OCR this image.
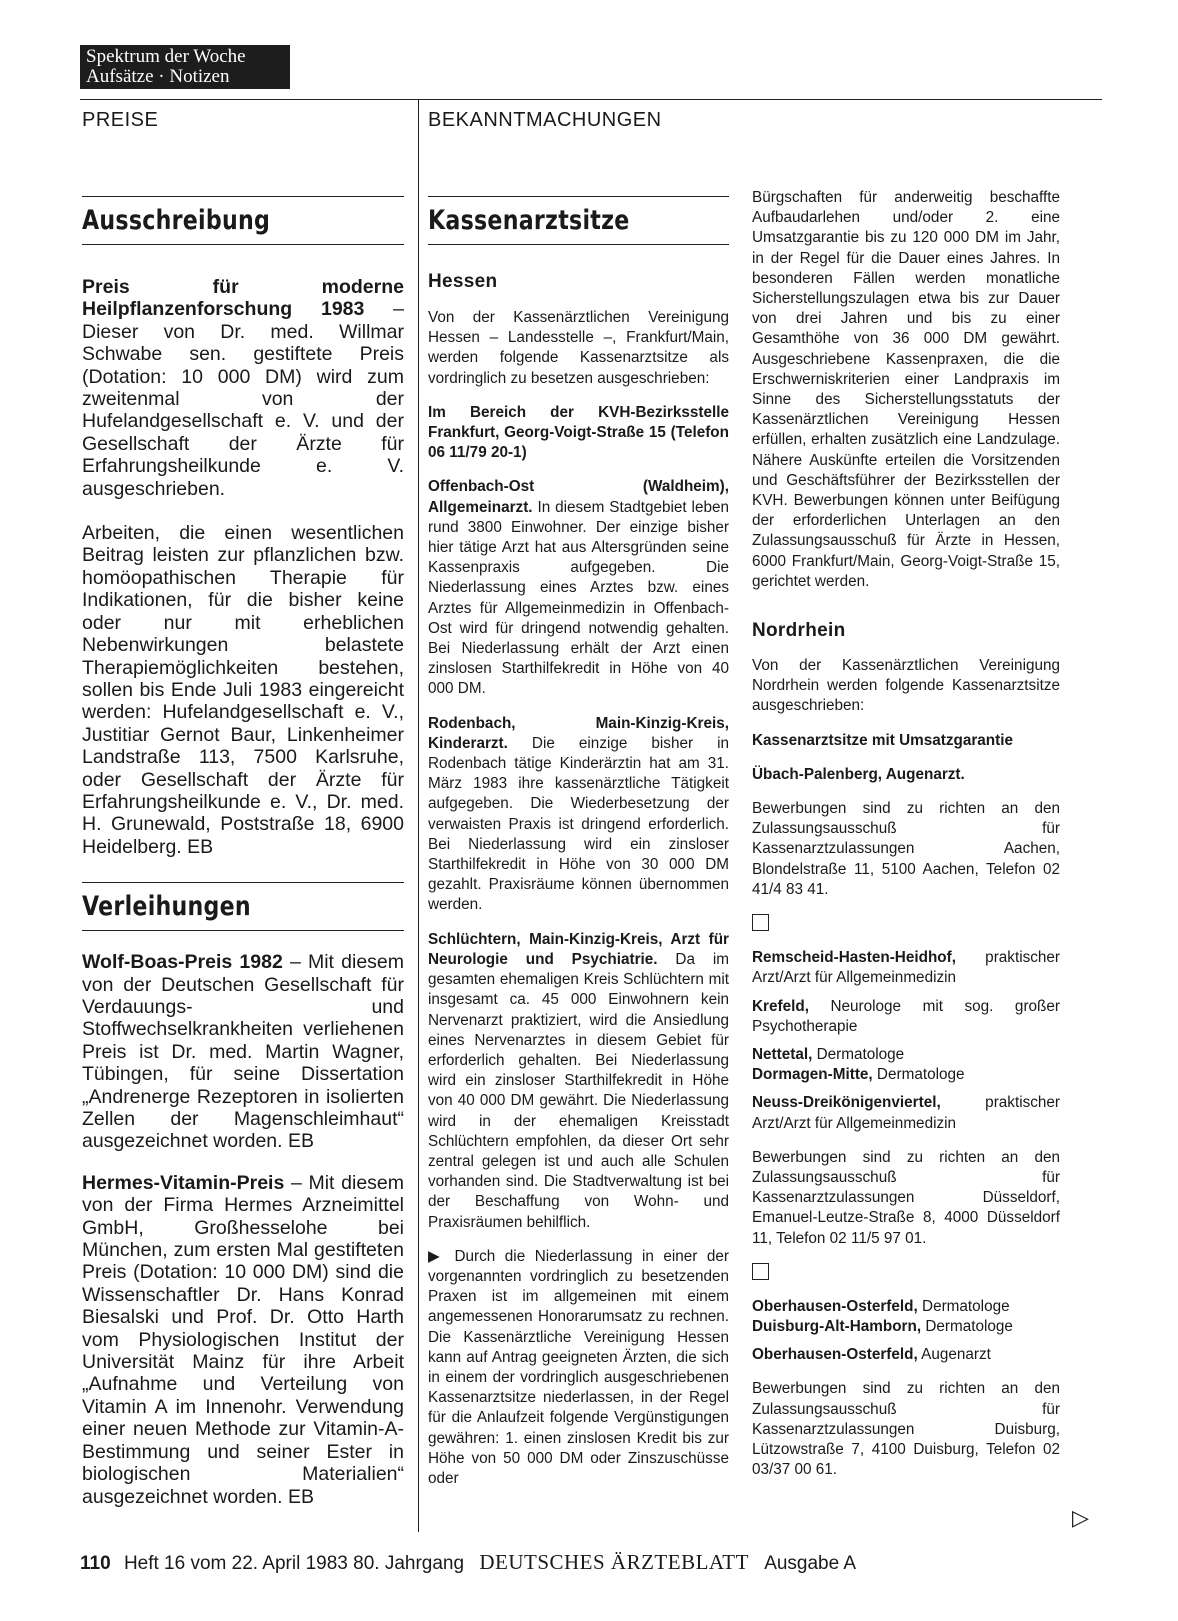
Spektrum der Woche
Aufsätze · Notizen
PREISE	BEKANNTMACHUNGEN
Ausschreibung

Preis für moderne Heilpflanzenforschung 1983 – Dieser von Dr. med. Willmar Schwabe sen. gestiftete Preis (Dotation: 10 000 DM) wird zum zweitenmal von der Hufelandgesellschaft e. V. und der Gesellschaft der Ärzte für Erfahrungsheilkunde e. V. ausgeschrieben.

Arbeiten, die einen wesentlichen Beitrag leisten zur pflanzlichen bzw. homöopathischen Therapie für Indikationen, für die bisher keine oder nur mit erheblichen Nebenwirkungen belastete Therapiemöglichkeiten bestehen, sollen bis Ende Juli 1983 eingereicht werden: Hufelandgesellschaft e. V., Justitiar Gernot Baur, Linkenheimer Landstraße 113, 7500 Karlsruhe, oder Gesellschaft der Ärzte für Erfahrungsheilkunde e. V., Dr. med. H. Grunewald, Poststraße 18, 6900 Heidelberg. EB

Verleihungen

Wolf-Boas-Preis 1982 – Mit diesem von der Deutschen Gesellschaft für Verdauungs- und Stoffwechselkrankheiten verliehenen Preis ist Dr. med. Martin Wagner, Tübingen, für seine Dissertation „Andrenerge Rezeptoren in isolierten Zellen der Magenschleimhaut“ ausgezeichnet worden. EB

Hermes-Vitamin-Preis – Mit diesem von der Firma Hermes Arzneimittel GmbH, Großhesselohe bei München, zum ersten Mal gestifteten Preis (Dotation: 10 000 DM) sind die Wissenschaftler Dr. Hans Konrad Biesalski und Prof. Dr. Otto Harth vom Physiologischen Institut der Universität Mainz für ihre Arbeit „Aufnahme und Verteilung von Vitamin A im Innenohr. Verwendung einer neuen Methode zur Vitamin-A-Bestimmung und seiner Ester in biologischen Materialien“ ausgezeichnet worden. EB

Kassenarztsitze
Hessen

Von der Kassenärztlichen Vereinigung Hessen – Landesstelle –, Frankfurt/Main, werden folgende Kassenarztsitze als vordringlich zu besetzen ausgeschrieben:

Im Bereich der KVH-Bezirksstelle Frankfurt, Georg-Voigt-Straße 15 (Telefon 06 11/79 20-1)

Offenbach-Ost (Waldheim), Allgemeinarzt. In diesem Stadtgebiet leben rund 3800 Einwohner. Der einzige bisher hier tätige Arzt hat aus Altersgründen seine Kassenpraxis aufgegeben. Die Niederlassung eines Arztes bzw. eines Arztes für Allgemeinmedizin in Offenbach-Ost wird für dringend notwendig gehalten. Bei Niederlassung erhält der Arzt einen zinslosen Starthilfekredit in Höhe von 40 000 DM.

Rodenbach, Main-Kinzig-Kreis, Kinderarzt. Die einzige bisher in Rodenbach tätige Kinderärztin hat am 31. März 1983 ihre kassenärztliche Tätigkeit aufgegeben. Die Wiederbesetzung der verwaisten Praxis ist dringend erforderlich. Bei Niederlassung wird ein zinsloser Starthilfekredit in Höhe von 30 000 DM gezahlt. Praxisräume können übernommen werden.

Schlüchtern, Main-Kinzig-Kreis, Arzt für Neurologie und Psychiatrie. Da im gesamten ehemaligen Kreis Schlüchtern mit insgesamt ca. 45 000 Einwohnern kein Nervenarzt praktiziert, wird die Ansiedlung eines Nervenarztes in diesem Gebiet für erforderlich gehalten. Bei Niederlassung wird ein zinsloser Starthilfekredit in Höhe von 40 000 DM gewährt. Die Niederlassung wird in der ehemaligen Kreisstadt Schlüchtern empfohlen, da dieser Ort sehr zentral gelegen ist und auch alle Schulen vorhanden sind. Die Stadtverwaltung ist bei der Beschaffung von Wohn- und Praxisräumen behilflich.

▶ Durch die Niederlassung in einer der vorgenannten vordringlich zu besetzenden Praxen ist im allgemeinen mit einem angemessenen Honorarumsatz zu rechnen. Die Kassenärztliche Vereinigung Hessen kann auf Antrag geeigneten Ärzten, die sich in einem der vordringlich ausgeschriebenen Kassenarztsitze niederlassen, in der Regel für die Anlaufzeit folgende Vergünstigungen gewähren: 1. einen zinslosen Kredit bis zur Höhe von 50 000 DM oder Zinszuschüsse oder

Bürgschaften für anderweitig beschaffte Aufbaudarlehen und/oder 2. eine Umsatzgarantie bis zu 120 000 DM im Jahr, in der Regel für die Dauer eines Jahres. In besonderen Fällen werden monatliche Sicherstellungszulagen etwa bis zur Dauer von drei Jahren und bis zu einer Gesamthöhe von 36 000 DM gewährt. Ausgeschriebene Kassenpraxen, die die Erschwerniskriterien einer Landpraxis im Sinne des Sicherstellungsstatuts der Kassenärztlichen Vereinigung Hessen erfüllen, erhalten zusätzlich eine Landzulage. Nähere Auskünfte erteilen die Vorsitzenden und Geschäftsführer der Bezirksstellen der KVH. Bewerbungen können unter Beifügung der erforderlichen Unterlagen an den Zulassungsausschuß für Ärzte in Hessen, 6000 Frankfurt/Main, Georg-Voigt-Straße 15, gerichtet werden.

Nordrhein

Von der Kassenärztlichen Vereinigung Nordrhein werden folgende Kassenarztsitze ausgeschrieben:

Kassenarztsitze mit Umsatzgarantie

Übach-Palenberg, Augenarzt.

Bewerbungen sind zu richten an den Zulassungsausschuß für Kassenarztzulassungen Aachen, Blondelstraße 11, 5100 Aachen, Telefon 02 41/4 83 41.

Remscheid-Hasten-Heidhof, praktischer Arzt/Arzt für Allgemeinmedizin

Krefeld, Neurologe mit sog. großer Psychotherapie

Nettetal, Dermatologe

Dormagen-Mitte, Dermatologe

Neuss-Dreikönigenviertel, praktischer Arzt/Arzt für Allgemeinmedizin

Bewerbungen sind zu richten an den Zulassungsausschuß für Kassenarztzulassungen Düsseldorf, Emanuel-Leutze-Straße 8, 4000 Düsseldorf 11, Telefon 02 11/5 97 01.

Oberhausen-Osterfeld, Dermatologe

Duisburg-Alt-Hamborn, Dermatologe

Oberhausen-Osterfeld, Augenarzt

Bewerbungen sind zu richten an den Zulassungsausschuß für Kassenarztzulassungen Duisburg, Lützowstraße 7, 4100 Duisburg, Telefon 02 03/37 00 61.

▷
110 Heft 16 vom 22. April 1983 80. Jahrgang DEUTSCHES ÄRZTEBLATT Ausgabe A
